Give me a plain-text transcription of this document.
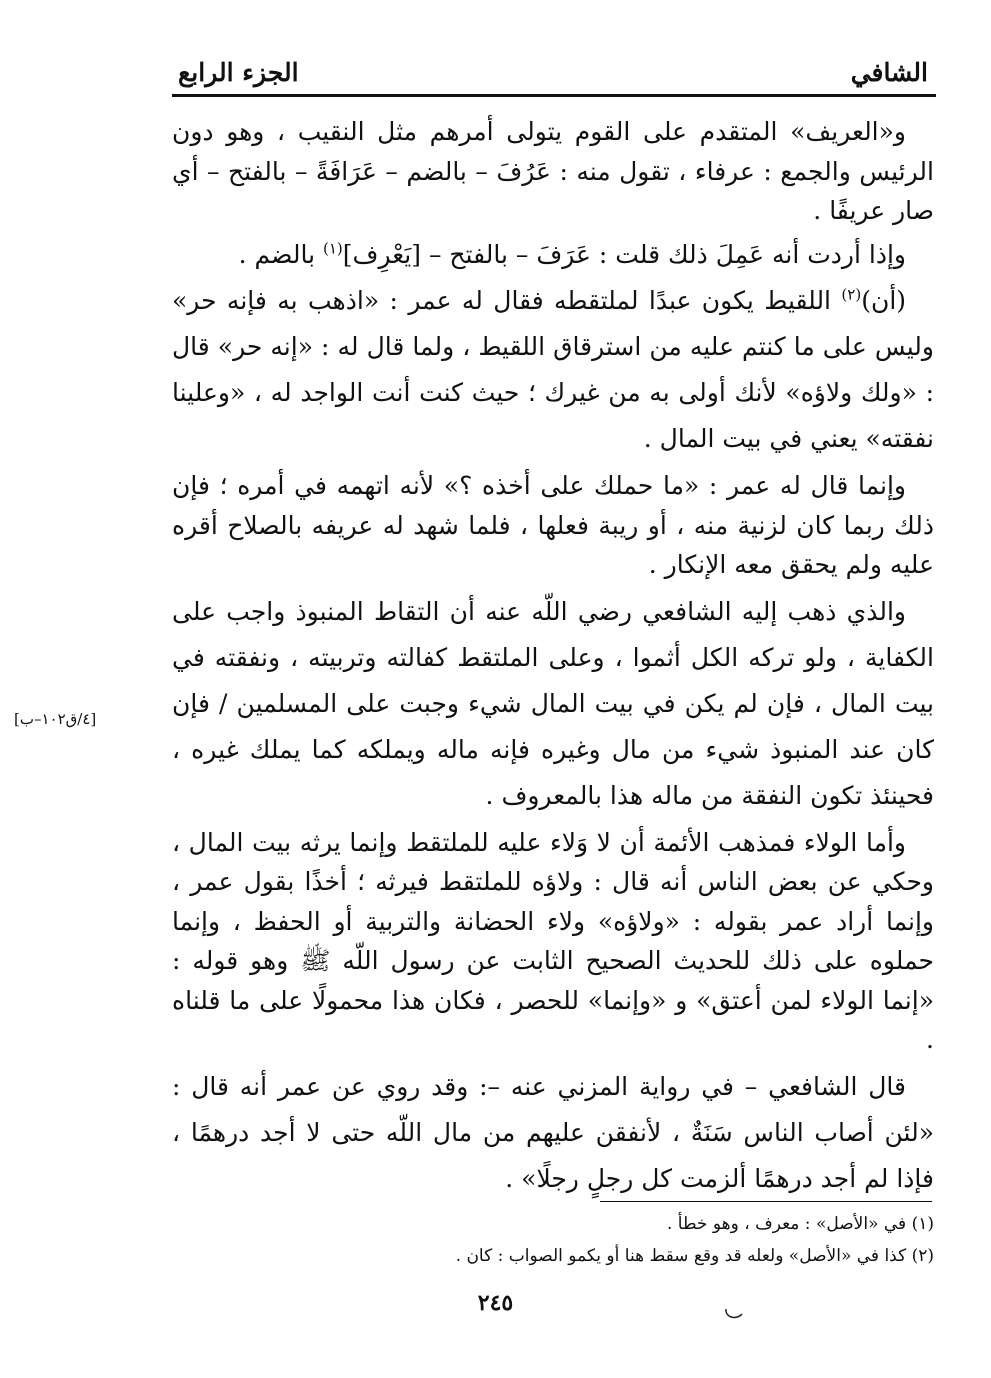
الشافي
الجزء الرابع

و«العريف» المتقدم على القوم يتولى أمرهم مثل النقيب ، وهو دون الرئيس والجمع : عرفاء ، تقول منه : عَرُفَ – بالضم – عَرَافَةً – بالفتح – أي صار عريفًا .

وإذا أردت أنه عَمِلَ ذلك قلت : عَرَفَ – بالفتح – [يَعْرِف]$^{(١)}$ بالضم .

(أن)$^{(٢)}$ اللقيط يكون عبدًا لملتقطه فقال له عمر : «اذهب به فإنه حر» وليس على ما كنتم عليه من استرقاق اللقيط ، ولما قال له : «إنه حر» قال : «ولك ولاؤه» لأنك أولى به من غيرك ؛ حيث كنت أنت الواجد له ، «وعلينا نفقته» يعني في بيت المال .

وإنما قال له عمر : «ما حملك على أخذه ؟» لأنه اتهمه في أمره ؛ فإن ذلك ربما كان لزنية منه ، أو ريبة فعلها ، فلما شهد له عريفه بالصلاح أقره عليه ولم يحقق معه الإنكار .

والذي ذهب إليه الشافعي رضي اللّه عنه أن التقاط المنبوذ واجب على الكفاية ، ولو تركه الكل أثموا ، وعلى الملتقط كفالته وتربيته ، ونفقته في بيت المال ، فإن لم يكن في بيت المال شيء وجبت على المسلمين / فإن كان عند المنبوذ شيء من مال وغيره فإنه ماله ويملكه كما يملك غيره ، فحينئذ تكون النفقة من ماله هذا بالمعروف .

وأما الولاء فمذهب الأئمة أن لا وَلاء عليه للملتقط وإنما يرثه بيت المال ، وحكي عن بعض الناس أنه قال : ولاؤه للملتقط فيرثه ؛ أخذًا بقول عمر ، وإنما أراد عمر بقوله : «ولاؤه» ولاء الحضانة والتربية أو الحفظ ، وإنما حملوه على ذلك للحديث الصحيح الثابت عن رسول اللّه ﷺ وهو قوله : «إنما الولاء لمن أعتق» و «وإنما» للحصر ، فكان هذا محمولًا على ما قلناه .

قال الشافعي – في رواية المزني عنه –: وقد روي عن عمر أنه قال : «لئن أصاب الناس سَنَةٌ ، لأنفقن عليهم من مال اللّه حتى لا أجد درهمًا ، فإذا لم أجد درهمًا ألزمت كل رجلٍ رجلًا» .

[٤/ق١٠٢–ب]
(١) في «الأصل» : معرف ، وهو خطأ .
(٢) كذا في «الأصل» ولعله قد وقع سقط هنا أو يكمو الصواب : كان .
٢٤٥
